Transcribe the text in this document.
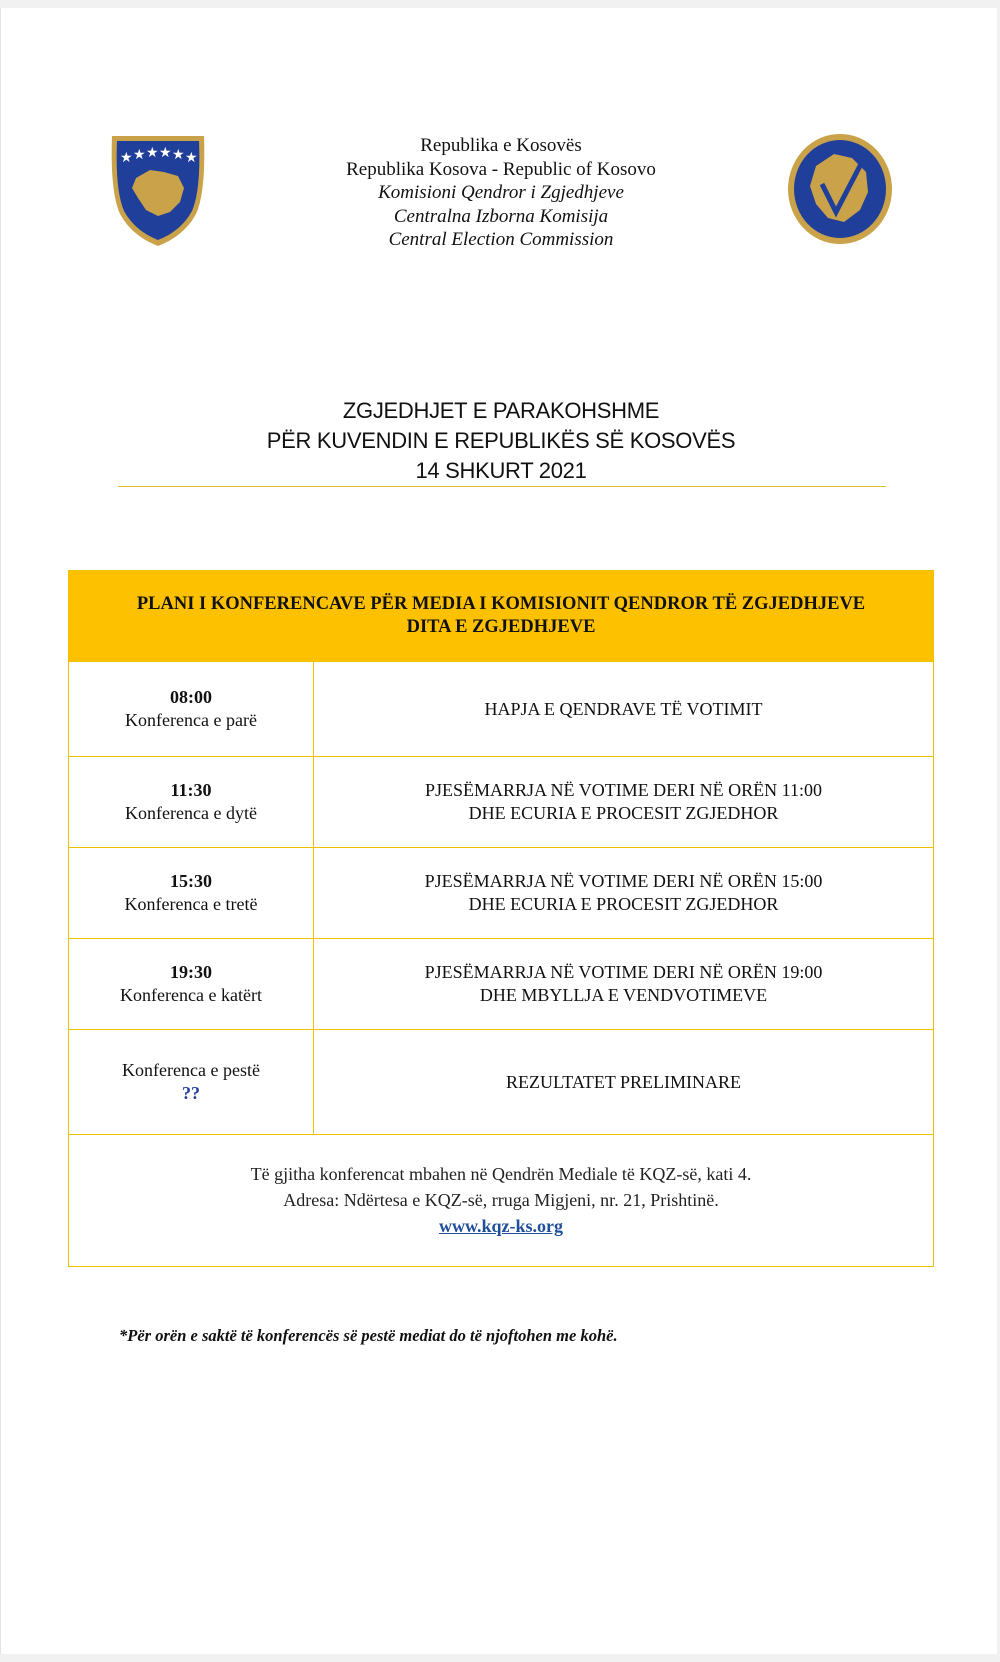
★ ★ ★ ★ ★ ★
Republika e Kosovës
Republika Kosova - Republic of Kosovo
Komisioni Qendror i Zgjedhjeve
Centralna Izborna Komisija
Central Election Commission
ZGJEDHJET E PARAKOHSHME
PËR KUVENDIN E REPUBLIKËS SË KOSOVËS
14 SHKURT 2021
PLANI I KONFERENCAVE PËR MEDIA I KOMISIONIT QENDROR TË ZGJEDHJEVE
DITA E ZGJEDHJEVE
08:00
Konferenca e parë
HAPJA E QENDRAVE TË VOTIMIT
11:30
Konferenca e dytë
PJESËMARRJA NË VOTIME DERI NË ORËN 11:00
DHE ECURIA E PROCESIT ZGJEDHOR
15:30
Konferenca e tretë
PJESËMARRJA NË VOTIME DERI NË ORËN 15:00
DHE ECURIA E PROCESIT ZGJEDHOR
19:30
Konferenca e katërt
PJESËMARRJA NË VOTIME DERI NË ORËN 19:00
DHE MBYLLJA E VENDVOTIMEVE
Konferenca e pestë
??
REZULTATET PRELIMINARE
Të gjitha konferencat mbahen në Qendrën Mediale të KQZ-së, kati 4.
Adresa: Ndërtesa e KQZ-së, rruga Migjeni, nr. 21, Prishtinë.
www.kqz-ks.org
*Për orën e saktë të konferencës së pestë mediat do të njoftohen me kohë.
